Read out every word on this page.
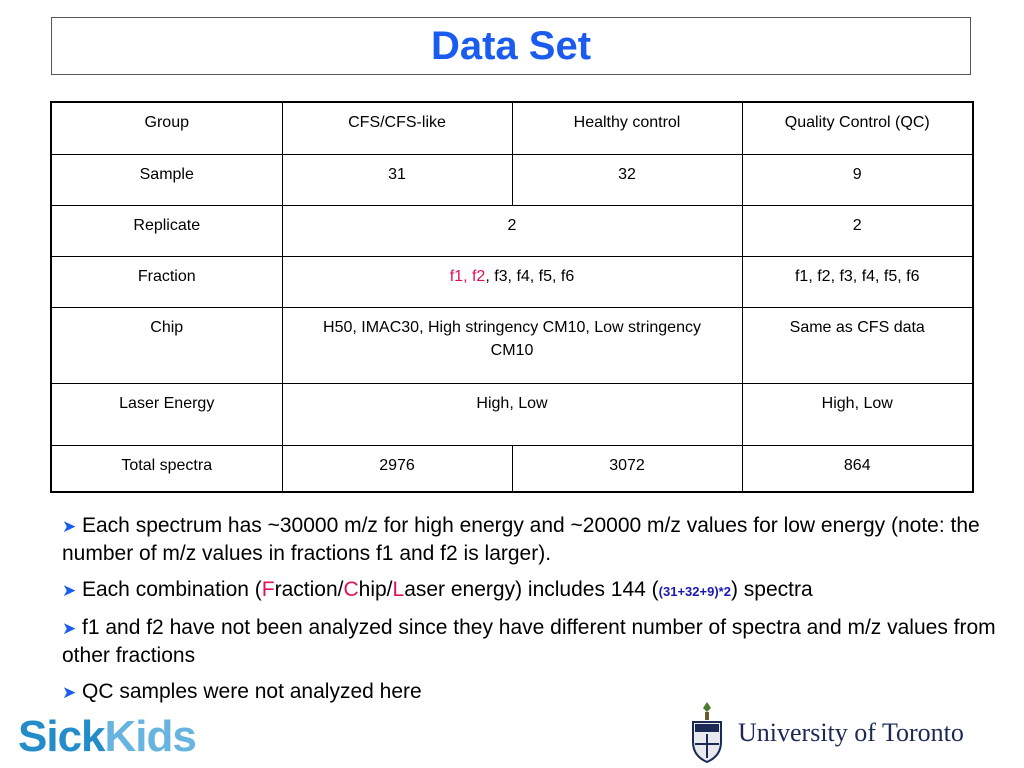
Data Set
Group	CFS/CFS-like	Healthy control	Quality Control (QC)
Sample	31	32	9
Replicate	2		2
Fraction	f1, f2, f3, f4, f5, f6		f1, f2, f3, f4, f5, f6
Chip	H50, IMAC30, High stringency CM10, Low stringency CM10		Same as CFS data
Laser Energy	High, Low		High, Low
Total spectra	2976	3072	864
➤ Each spectrum has ~30000 m/z for high energy and ~20000 m/z values for low energy (note: the number of m/z values in fractions f1 and f2 is larger).
➤ Each combination (Fraction/Chip/Laser energy) includes 144 ((31+32+9)*2) spectra
➤ f1 and f2 have not been analyzed since they have different number of spectra and m/z values from other fractions
➤ QC samples were not analyzed here
SickKids	University of Toronto
